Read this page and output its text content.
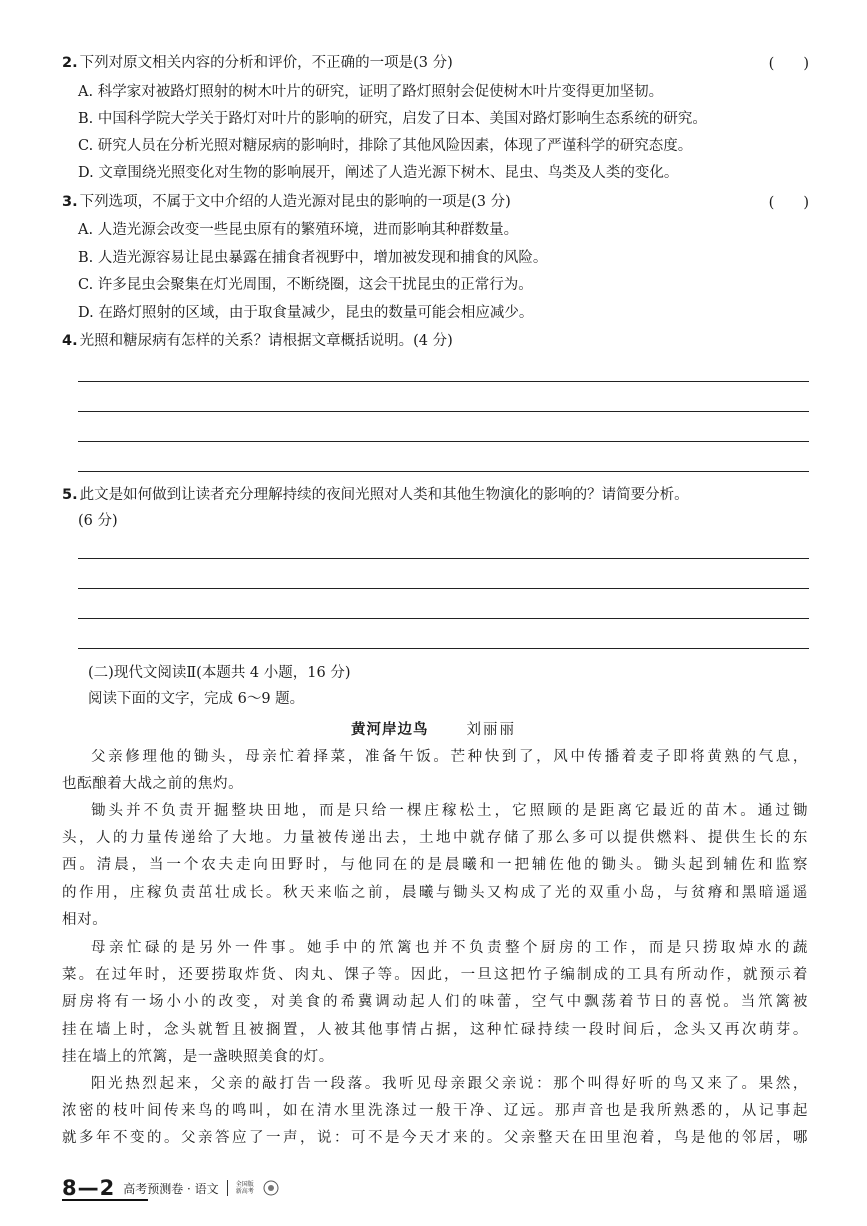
2. 下列对原文相关内容的分析和评价，不正确的一项是(3 分)	(　　)
A. 科学家对被路灯照射的树木叶片的研究，证明了路灯照射会促使树木叶片变得更加坚韧。
B. 中国科学院大学关于路灯对叶片的影响的研究，启发了日本、美国对路灯影响生态系统的研究。
C. 研究人员在分析光照对糖尿病的影响时，排除了其他风险因素，体现了严谨科学的研究态度。
D. 文章围绕光照变化对生物的影响展开，阐述了人造光源下树木、昆虫、鸟类及人类的变化。
3. 下列选项，不属于文中介绍的人造光源对昆虫的影响的一项是(3 分)	(　　)
A. 人造光源会改变一些昆虫原有的繁殖环境，进而影响其种群数量。
B. 人造光源容易让昆虫暴露在捕食者视野中，增加被发现和捕食的风险。
C. 许多昆虫会聚集在灯光周围，不断绕圈，这会干扰昆虫的正常行为。
D. 在路灯照射的区域，由于取食量减少，昆虫的数量可能会相应减少。
4. 光照和糖尿病有怎样的关系？请根据文章概括说明。(4 分)
5. 此文是如何做到让读者充分理解持续的夜间光照对人类和其他生物演化的影响的？请简要分析。
(6 分)
(二)现代文阅读Ⅱ(本题共 4 小题，16 分)
阅读下面的文字，完成 6～9 题。
黄河岸边鸟	刘丽丽
父亲修理他的锄头，母亲忙着择菜，准备午饭。芒种快到了，风中传播着麦子即将黄熟的气息，
也酝酿着大战之前的焦灼。
锄头并不负责开掘整块田地，而是只给一棵庄稼松土，它照顾的是距离它最近的苗木。通过锄
头，人的力量传递给了大地。力量被传递出去，土地中就存储了那么多可以提供燃料、提供生长的东
西。清晨，当一个农夫走向田野时，与他同在的是晨曦和一把辅佐他的锄头。锄头起到辅佐和监察
的作用，庄稼负责茁壮成长。秋天来临之前，晨曦与锄头又构成了光的双重小岛，与贫瘠和黑暗遥遥
相对。
母亲忙碌的是另外一件事。她手中的笊篱也并不负责整个厨房的工作，而是只捞取焯水的蔬
菜。在过年时，还要捞取炸货、肉丸、馃子等。因此，一旦这把竹子编制成的工具有所动作，就预示着
厨房将有一场小小的改变，对美食的希冀调动起人们的味蕾，空气中飘荡着节日的喜悦。当笊篱被
挂在墙上时，念头就暂且被搁置，人被其他事情占据，这种忙碌持续一段时间后，念头又再次萌芽。
挂在墙上的笊篱，是一盏映照美食的灯。
阳光热烈起来，父亲的敲打告一段落。我听见母亲跟父亲说：那个叫得好听的鸟又来了。果然，
浓密的枝叶间传来鸟的鸣叫，如在清水里洗涤过一般干净、辽远。那声音也是我所熟悉的，从记事起
就多年不变的。父亲答应了一声，说：可不是今天才来的。父亲整天在田里泡着，鸟是他的邻居，哪
8—2 高考预测卷 · 语文	全国版
新高考
